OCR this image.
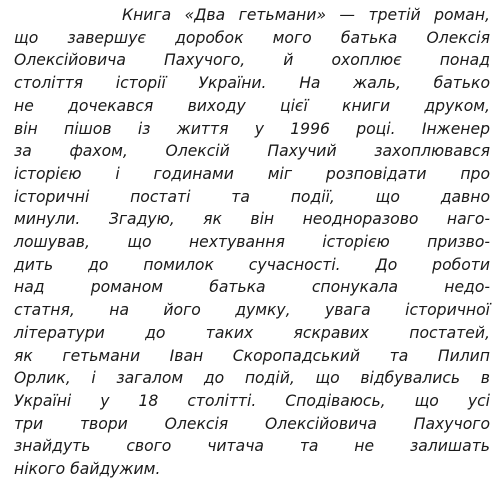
Книга «Два гетьмани» — третій роман,
що завершує доробок мого батька Олексія
Олексійовича Пахучого, й охоплює понад
століття історії України. На жаль, батько
не дочекався виходу цієї книги друком,
він пішов із життя у 1996 році. Інженер
за фахом, Олексій Пахучий захоплювався
історією і годинами міг розповідати про
історичні постаті та події, що давно
минули. Згадую, як він неодноразово наго-
лошував, що нехтування історією призво-
дить до помилок сучасності. До роботи
над романом батька спонукала недо-
статня, на його думку, увага історичної
літератури до таких яскравих постатей,
як гетьмани Іван Скоропадський та Пилип
Орлик, і загалом до подій, що відбувались в
Україні у 18 столітті. Сподіваюсь, що усі
три твори Олексія Олексійовича Пахучого
знайдуть свого читача та не залишать
нікого байдужим.
